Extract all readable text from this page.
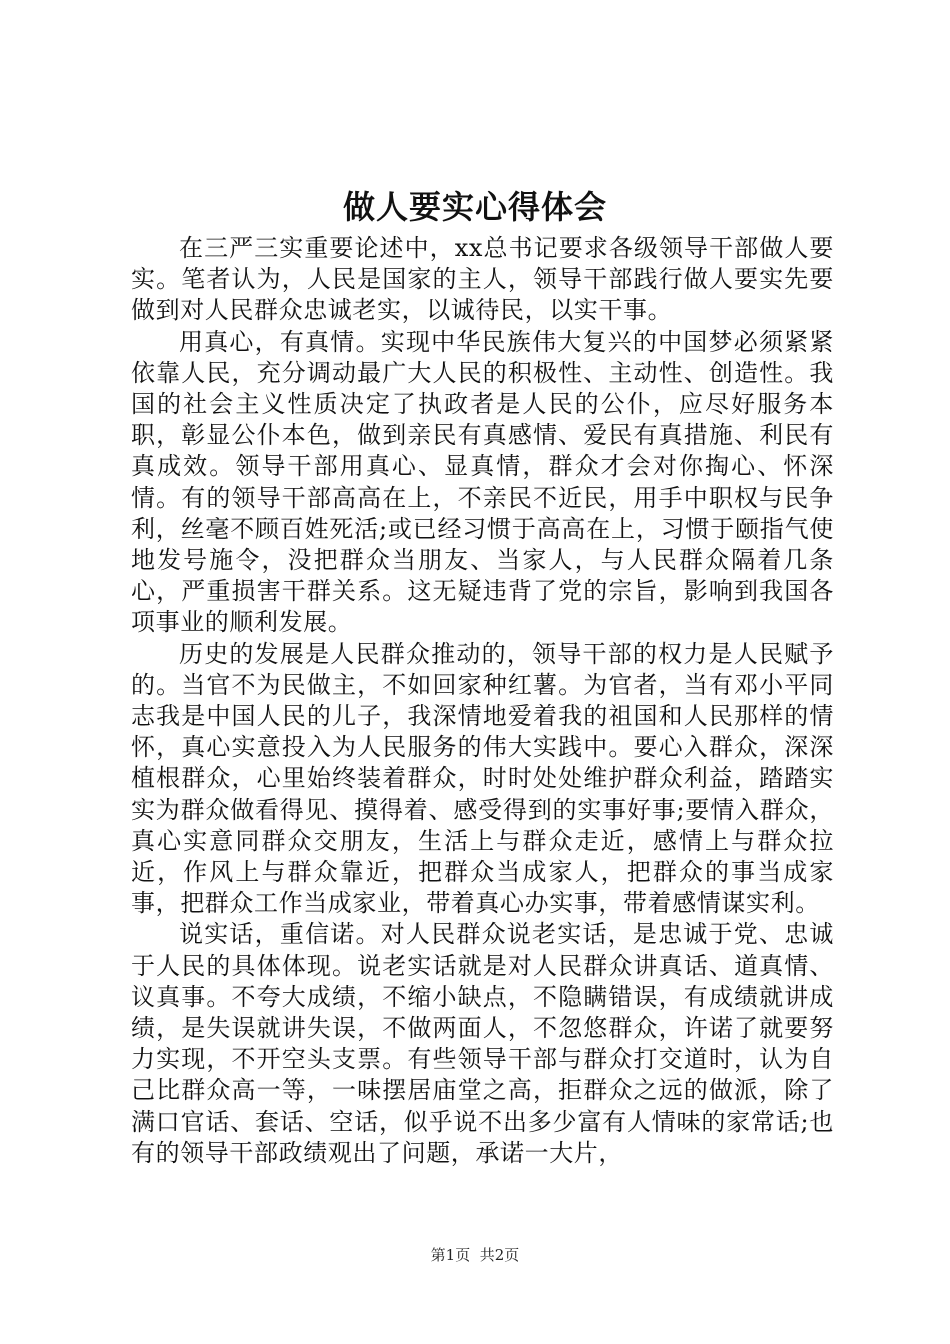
做人要实心得体会

在三严三实重要论述中，xx总书记要求各级领导干部做人要实。笔者认为，人民是国家的主人，领导干部践行做人要实先要做到对人民群众忠诚老实，以诚待民，以实干事。

用真心，有真情。实现中华民族伟大复兴的中国梦必须紧紧依靠人民，充分调动最广大人民的积极性、主动性、创造性。我国的社会主义性质决定了执政者是人民的公仆，应尽好服务本职，彰显公仆本色，做到亲民有真感情、爱民有真措施、利民有真成效。领导干部用真心、显真情，群众才会对你掏心、怀深情。有的领导干部高高在上，不亲民不近民，用手中职权与民争利，丝毫不顾百姓死活;或已经习惯于高高在上，习惯于颐指气使地发号施令，没把群众当朋友、当家人，与人民群众隔着几条心，严重损害干群关系。这无疑违背了党的宗旨，影响到我国各项事业的顺利发展。

历史的发展是人民群众推动的，领导干部的权力是人民赋予的。当官不为民做主，不如回家种红薯。为官者，当有邓小平同志我是中国人民的儿子，我深情地爱着我的祖国和人民那样的情怀，真心实意投入为人民服务的伟大实践中。要心入群众，深深植根群众，心里始终装着群众，时时处处维护群众利益，踏踏实实为群众做看得见、摸得着、感受得到的实事好事;要情入群众，真心实意同群众交朋友，生活上与群众走近，感情上与群众拉近，作风上与群众靠近，把群众当成家人，把群众的事当成家事，把群众工作当成家业，带着真心办实事，带着感情谋实利。

说实话，重信诺。对人民群众说老实话，是忠诚于党、忠诚于人民的具体体现。说老实话就是对人民群众讲真话、道真情、议真事。不夸大成绩，不缩小缺点，不隐瞒错误，有成绩就讲成绩，是失误就讲失误，不做两面人，不忽悠群众，许诺了就要努力实现，不开空头支票。有些领导干部与群众打交道时，认为自己比群众高一等，一味摆居庙堂之高，拒群众之远的做派，除了满口官话、套话、空话，似乎说不出多少富有人情味的家常话;也有的领导干部政绩观出了问题，承诺一大片，

第1页 共2页
